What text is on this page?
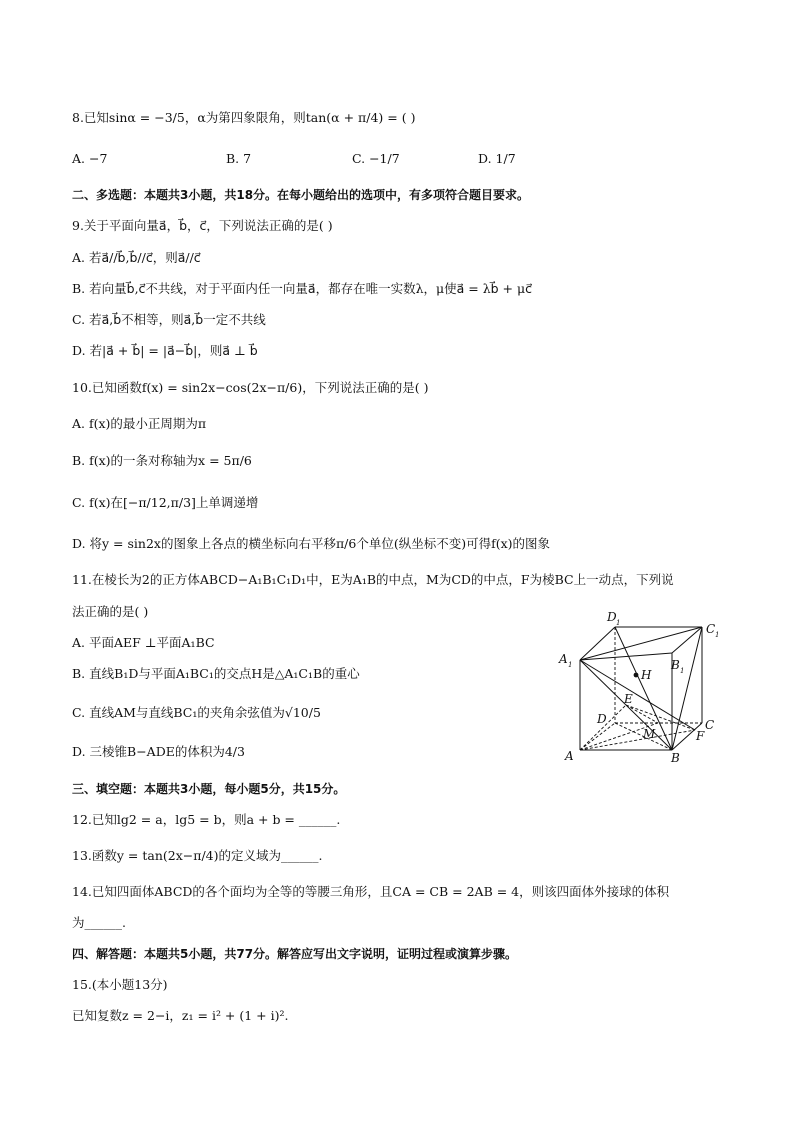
8.已知sinα = −3/5，α为第四象限角，则tan(α + π/4) = ( )
A. −7	B. 7	C. −1/7	D. 1/7
二、多选题：本题共3小题，共18分。在每小题给出的选项中，有多项符合题目要求。
9.关于平面向量a⃗，b⃗，c⃗，下列说法正确的是( )
A. 若a⃗//b⃗,b⃗//c⃗，则a⃗//c⃗
B. 若向量b⃗,c⃗不共线，对于平面内任一向量a⃗，都存在唯一实数λ，μ使a⃗ = λb⃗ + μc⃗
C. 若a⃗,b⃗不相等，则a⃗,b⃗一定不共线
D. 若|a⃗ + b⃗| = |a⃗−b⃗|，则a⃗ ⊥ b⃗
10.已知函数f(x) = sin2x−cos(2x−π/6)，下列说法正确的是( )
A. f(x)的最小正周期为π
B. f(x)的一条对称轴为x = 5π/6
C. f(x)在[−π/12,π/3]上单调递增
D. 将y = sin2x的图象上各点的横坐标向右平移π/6个单位(纵坐标不变)可得f(x)的图象
11.在棱长为2的正方体ABCD−A₁B₁C₁D₁中，E为A₁B的中点，M为CD的中点，F为棱BC上一动点，下列说
法正确的是( )
A. 平面AEF ⊥平面A₁BC
B. 直线B₁D与平面A₁BC₁的交点H是△A₁C₁B的重心
C. 直线AM与直线BC₁的夹角余弦值为√10/5
D. 三棱锥B−ADE的体积为4/3
A 1
D 1	C 1
B 1
H
E
D	C
M	F
A	B
三、填空题：本题共3小题，每小题5分，共15分。
12.已知lg2 = a，lg5 = b，则a + b = ______.
13.函数y = tan(2x−π/4)的定义域为______.
14.已知四面体ABCD的各个面均为全等的等腰三角形，且CA = CB = 2AB = 4，则该四面体外接球的体积
为______.
四、解答题：本题共5小题，共77分。解答应写出文字说明，证明过程或演算步骤。
15.(本小题13分)
已知复数z = 2−i，z₁ = i² + (1 + i)².
